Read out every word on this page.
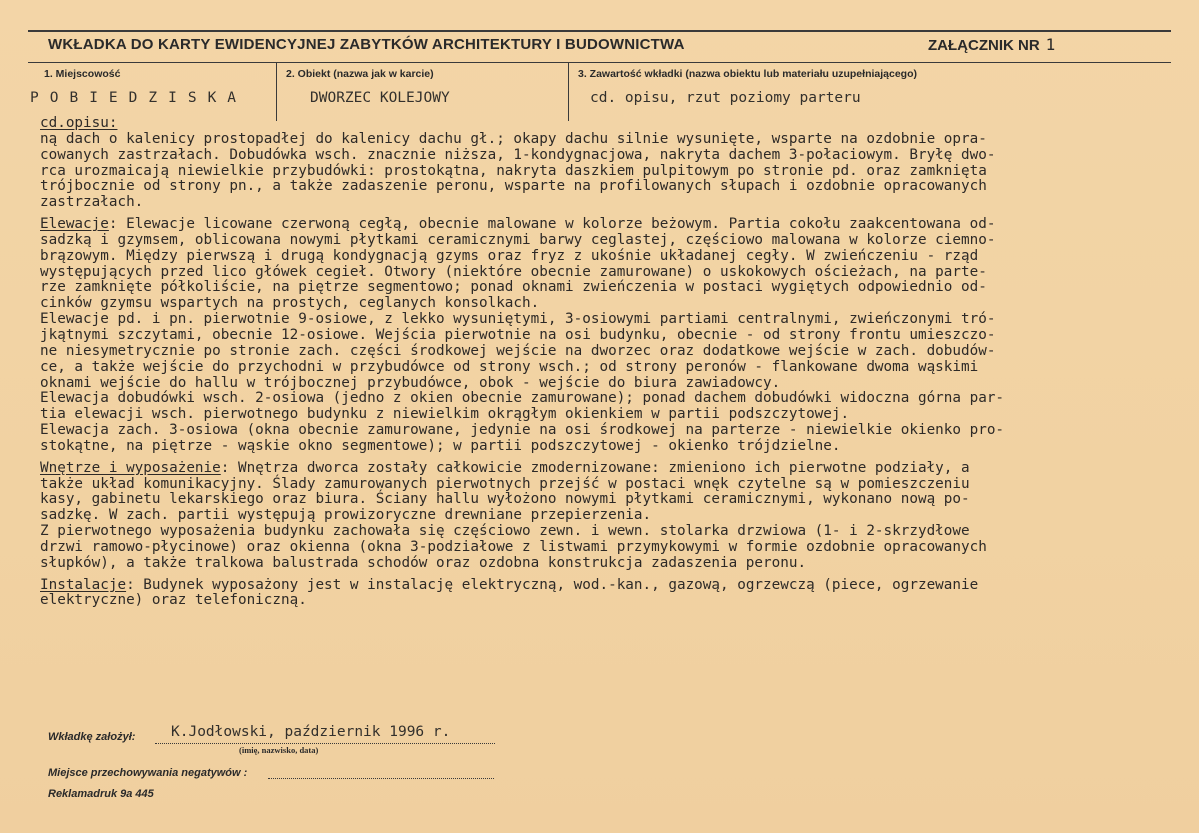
WKŁADKA DO KARTY EWIDENCYJNEJ ZABYTKÓW ARCHITEKTURY I BUDOWNICTWA	ZAŁĄCZNIK NR 1
1. Miejscowość	2. Obiekt (nazwa jak w karcie)	3. Zawartość wkładki (nazwa obiektu lub materiału uzupełniającego)
POBIEDZISKA	DWORZEC KOLEJOWY	cd. opisu, rzut poziomy parteru

cd.opisu:

ną dach o kalenicy prostopadłej do kalenicy dachu gł.; okapy dachu silnie wysunięte, wsparte na ozdobnie opra-

cowanych zastrzałach. Dobudówka wsch. znacznie niższa, 1-kondygnacjowa, nakryta dachem 3-połaciowym. Bryłę dwo-

rca urozmaicają niewielkie przybudówki: prostokątna, nakryta daszkiem pulpitowym po stronie pd. oraz zamknięta

trójbocznie od strony pn., a także zadaszenie peronu, wsparte na profilowanych słupach i ozdobnie opracowanych

zastrzałach.

Elewacje: Elewacje licowane czerwoną cegłą, obecnie malowane w kolorze beżowym. Partia cokołu zaakcentowana od-

sadzką i gzymsem, oblicowana nowymi płytkami ceramicznymi barwy ceglastej, częściowo malowana w kolorze ciemno-

brązowym. Między pierwszą i drugą kondygnacją gzyms oraz fryz z ukośnie układanej cegły. W zwieńczeniu - rząd

występujących przed lico główek cegieł. Otwory (niektóre obecnie zamurowane) o uskokowych ościeżach, na parte-

rze zamknięte półkoliście, na piętrze segmentowo; ponad oknami zwieńczenia w postaci wygiętych odpowiednio od-

cinków gzymsu wspartych na prostych, ceglanych konsolkach.

Elewacje pd. i pn. pierwotnie 9-osiowe, z lekko wysuniętymi, 3-osiowymi partiami centralnymi, zwieńczonymi tró-

jkątnymi szczytami, obecnie 12-osiowe. Wejścia pierwotnie na osi budynku, obecnie - od strony frontu umieszczo-

ne niesymetrycznie po stronie zach. części środkowej wejście na dworzec oraz dodatkowe wejście w zach. dobudów-

ce, a także wejście do przychodni w przybudówce od strony wsch.; od strony peronów - flankowane dwoma wąskimi

oknami wejście do hallu w trójbocznej przybudówce, obok - wejście do biura zawiadowcy.

Elewacja dobudówki wsch. 2-osiowa (jedno z okien obecnie zamurowane); ponad dachem dobudówki widoczna górna par-

tia elewacji wsch. pierwotnego budynku z niewielkim okrągłym okienkiem w partii podszczytowej.

Elewacja zach. 3-osiowa (okna obecnie zamurowane, jedynie na osi środkowej na parterze - niewielkie okienko pro-

stokątne, na piętrze - wąskie okno segmentowe); w partii podszczytowej - okienko trójdzielne.

Wnętrze i wyposażenie: Wnętrza dworca zostały całkowicie zmodernizowane: zmieniono ich pierwotne podziały, a

także układ komunikacyjny. Ślady zamurowanych pierwotnych przejść w postaci wnęk czytelne są w pomieszczeniu

kasy, gabinetu lekarskiego oraz biura. Ściany hallu wyłożono nowymi płytkami ceramicznymi, wykonano nową po-

sadzkę. W zach. partii występują prowizoryczne drewniane przepierzenia.

Z pierwotnego wyposażenia budynku zachowała się częściowo zewn. i wewn. stolarka drzwiowa (1- i 2-skrzydłowe

drzwi ramowo-płycinowe) oraz okienna (okna 3-podziałowe z listwami przymykowymi w formie ozdobnie opracowanych

słupków), a także tralkowa balustrada schodów oraz ozdobna konstrukcja zadaszenia peronu.

Instalacje: Budynek wyposażony jest w instalację elektryczną, wod.-kan., gazową, ogrzewczą (piece, ogrzewanie

elektryczne) oraz telefoniczną.

Wkładkę założył: K.Jodłowski, październik 1996 r.
(imię, nazwisko, data)
Miejsce przechowywania negatywów :
Reklamadruk 9a 445
